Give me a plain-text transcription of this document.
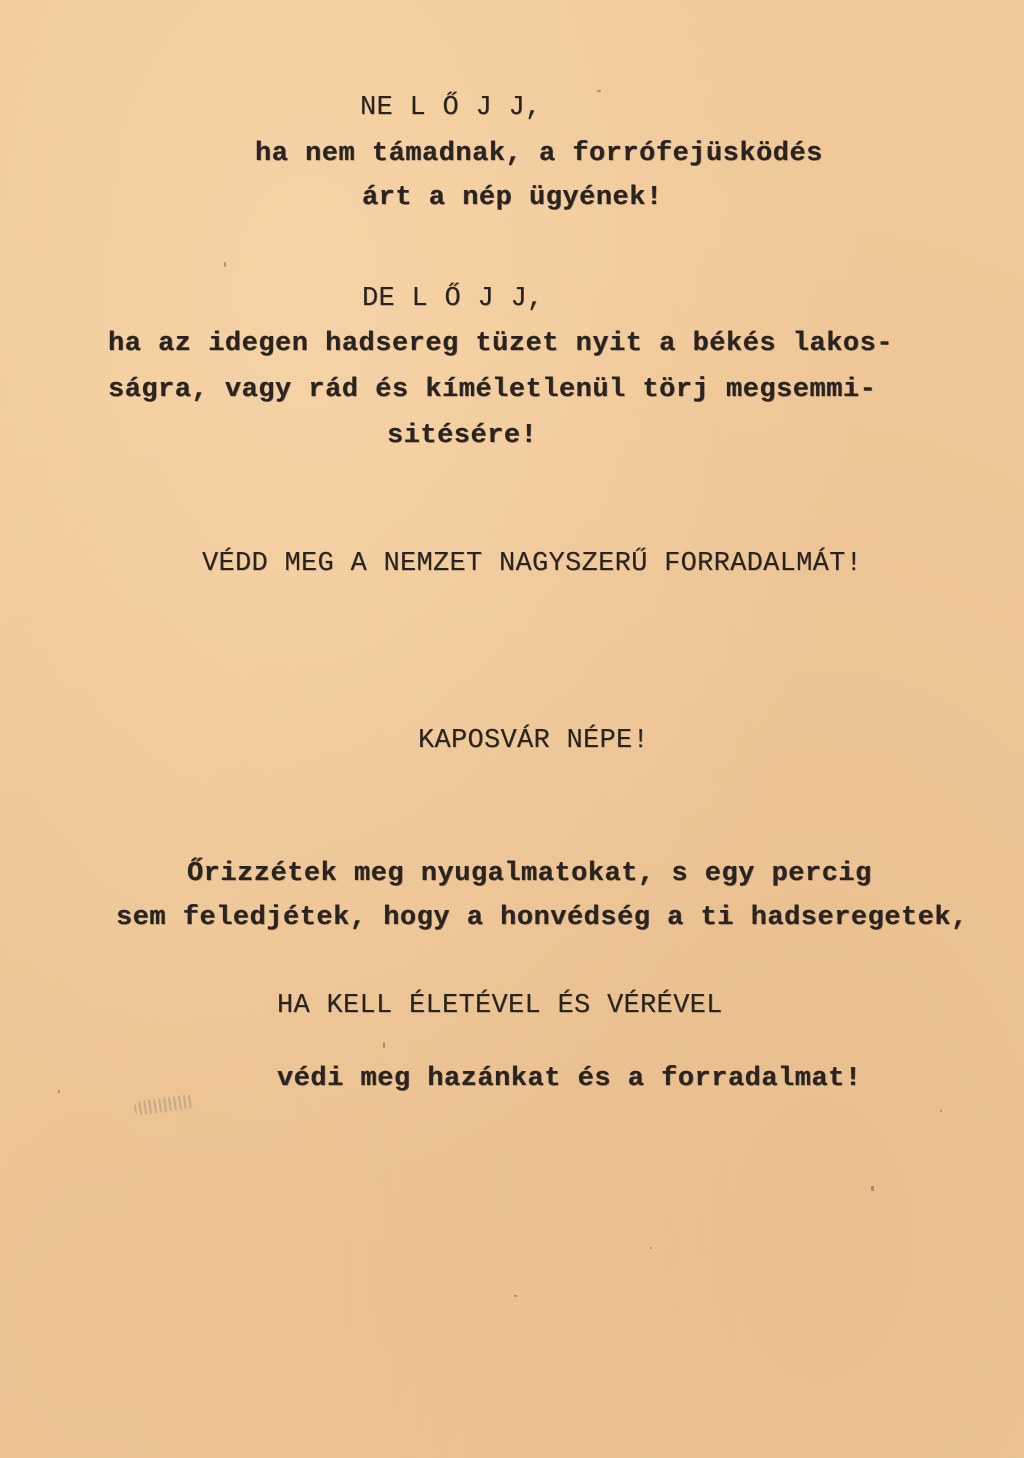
NE L Ő J J,
ha nem támadnak, a forrófejüsködés
árt a nép ügyének!
DE L Ő J J,
ha az idegen hadsereg tüzet nyit a békés lakos-
ságra, vagy rád és kíméletlenül törj megsemmi-
sitésére!
VÉDD MEG A NEMZET NAGYSZERŰ FORRADALMÁT!
KAPOSVÁR NÉPE!
Őrizzétek meg nyugalmatokat, s egy percig
sem feledjétek, hogy a honvédség a ti hadseregetek,
HA KELL ÉLETÉVEL ÉS VÉRÉVEL
védi meg hazánkat és a forradalmat!
